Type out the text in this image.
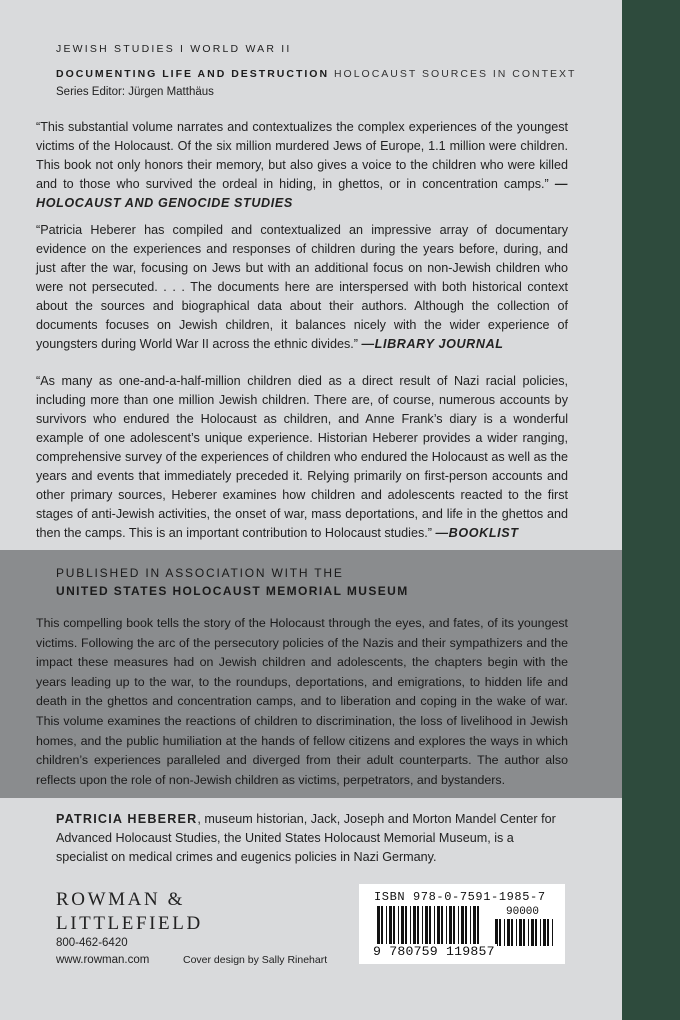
JEWISH STUDIES I WORLD WAR II
DOCUMENTING LIFE AND DESTRUCTION HOLOCAUST SOURCES IN CONTEXT
Series Editor: Jürgen Matthäus
“This substantial volume narrates and contextualizes the complex experiences of the youngest victims of the Holocaust. Of the six million murdered Jews of Europe, 1.1 million were children. This book not only honors their memory, but also gives a voice to the children who were killed and to those who survived the ordeal in hiding, in ghettos, or in concentration camps.” —HOLOCAUST AND GENOCIDE STUDIES
“Patricia Heberer has compiled and contextualized an impressive array of documentary evidence on the experiences and responses of children during the years before, during, and just after the war, focusing on Jews but with an additional focus on non-Jewish children who were not persecuted. . . . The documents here are interspersed with both historical context about the sources and biographical data about their authors. Although the collection of documents focuses on Jewish children, it balances nicely with the wider experience of youngsters during World War II across the ethnic divides.” —LIBRARY JOURNAL
“As many as one-and-a-half-million children died as a direct result of Nazi racial policies, including more than one million Jewish children. There are, of course, numerous accounts by survivors who endured the Holocaust as children, and Anne Frank’s diary is a wonderful example of one adolescent’s unique experience. Historian Heberer provides a wider ranging, comprehensive survey of the experiences of children who endured the Holocaust as well as the years and events that immediately preceded it. Relying primarily on first-person accounts and other primary sources, Heberer examines how children and adolescents reacted to the first stages of anti-Jewish activities, the onset of war, mass deportations, and life in the ghettos and then the camps. This is an important contribution to Holocaust studies.” —BOOKLIST
PUBLISHED IN ASSOCIATION WITH THE
UNITED STATES HOLOCAUST MEMORIAL MUSEUM
This compelling book tells the story of the Holocaust through the eyes, and fates, of its youngest victims. Following the arc of the persecutory policies of the Nazis and their sympathizers and the impact these measures had on Jewish children and adolescents, the chapters begin with the years leading up to the war, to the roundups, deportations, and emigrations, to hidden life and death in the ghettos and concentration camps, and to liberation and coping in the wake of war. This volume examines the reactions of children to discrimination, the loss of livelihood in Jewish homes, and the public humiliation at the hands of fellow citizens and explores the ways in which children’s experiences paralleled and diverged from their adult counterparts. The author also reflects upon the role of non-Jewish children as victims, perpetrators, and bystanders.
PATRICIA HEBERER, museum historian, Jack, Joseph and Morton Mandel Center for Advanced Holocaust Studies, the United States Holocaust Memorial Museum, is a specialist on medical crimes and eugenics policies in Nazi Germany.
ROWMAN &
LITTLEFIELD
800-462-6420
www.rowman.com	Cover design by Sally Rinehart
ISBN 978-0-7591-1985-7
90000
9 780759 119857
